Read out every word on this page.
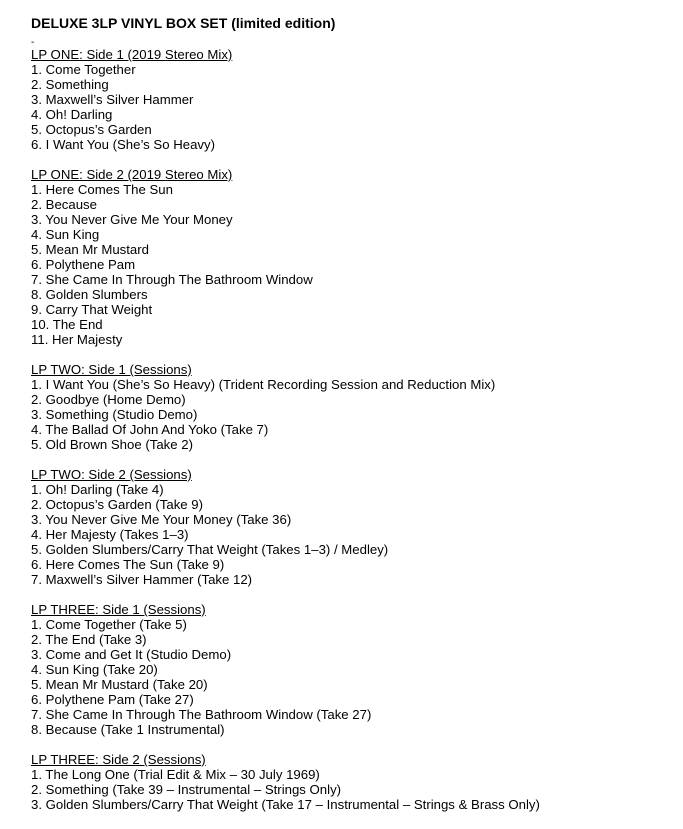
DELUXE 3LP VINYL BOX SET (limited edition)
-
LP ONE: Side 1 (2019 Stereo Mix)
1. Come Together
2. Something
3. Maxwell’s Silver Hammer
4. Oh! Darling
5. Octopus’s Garden
6. I Want You (She’s So Heavy)
LP ONE: Side 2 (2019 Stereo Mix)
1. Here Comes The Sun
2. Because
3. You Never Give Me Your Money
4. Sun King
5. Mean Mr Mustard
6. Polythene Pam
7. She Came In Through The Bathroom Window
8. Golden Slumbers
9. Carry That Weight
10. The End
11. Her Majesty
LP TWO: Side 1 (Sessions)
1. I Want You (She’s So Heavy) (Trident Recording Session and Reduction Mix)
2. Goodbye (Home Demo)
3. Something (Studio Demo)
4. The Ballad Of John And Yoko (Take 7)
5. Old Brown Shoe (Take 2)
LP TWO: Side 2 (Sessions)
1. Oh! Darling (Take 4)
2. Octopus’s Garden (Take 9)
3. You Never Give Me Your Money (Take 36)
4. Her Majesty (Takes 1–3)
5. Golden Slumbers/Carry That Weight (Takes 1–3) / Medley)
6. Here Comes The Sun (Take 9)
7. Maxwell’s Silver Hammer (Take 12)
LP THREE: Side 1 (Sessions)
1. Come Together (Take 5)
2. The End (Take 3)
3. Come and Get It (Studio Demo)
4. Sun King (Take 20)
5. Mean Mr Mustard (Take 20)
6. Polythene Pam (Take 27)
7. She Came In Through The Bathroom Window (Take 27)
8. Because (Take 1 Instrumental)
LP THREE: Side 2 (Sessions)
1. The Long One (Trial Edit & Mix – 30 July 1969)
2. Something (Take 39 – Instrumental – Strings Only)
3. Golden Slumbers/Carry That Weight (Take 17 – Instrumental – Strings & Brass Only)
